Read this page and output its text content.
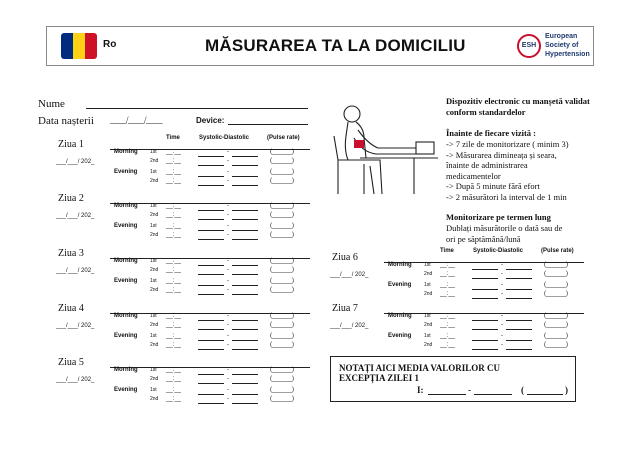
Ro	MĂSURAREA TA LA DOMICILIU	ESH
European
Society of
Hypertension
Nume
Data nașterii ____/____/____	Device:
Ziua 1
___/___/ 202_
Time	Systolic-Diastolic	(Pulse rate)
Morning 1st __:__	-	(______)
2nd __:__	-	(______)
Evening	1st __:__	-	(______)
2nd __:__	-	(______)
Ziua 2
___/___/ 202_
Morning 1st __:__	-	(______)
2nd __:__	-	(______)
Evening	1st __:__	-	(______)
2nd __:__	-	(______)
Ziua 3
___/___/ 202_
Morning 1st __:__	-	(______)
2nd __:__	-	(______)
Evening	1st __:__	-	(______)
2nd __:__	-	(______)
Ziua 4
___/___/ 202_
Morning 1st __:__	-	(______)
2nd __:__	-	(______)
Evening	1st __:__	-	(______)
2nd __:__	-	(______)
Ziua 5
___/___/ 202_
Morning 1st __:__	-	(______)
2nd __:__	-	(______)
Evening	1st __:__	-	(______)
2nd __:__	-	(______)
Dispozitiv electronic cu manșetă validat conform standardelor
Înainte de fiecare vizită :
-> 7 zile de monitorizare ( minim 3)
-> Măsurarea dimineața și seara,
înainte de administrarea
medicamentelor
-> După 5 minute fără efort
-> 2 măsurători la interval de 1 min
Monitorizare pe termen lung
Dublați măsurătorile o dată sau de
ori pe săptămână/lună
Ziua 6
___/___/ 202_
Time	Systolic-Diastolic	(Pulse rate)
Morning 1st __:__	-	(______)
2nd __:__	-	(______)
Evening	1st __:__	-	(______)
2nd __:__	-	(______)
Ziua 7
___/___/ 202_
Morning 1st __:__	-	(______)
2nd __:__	-	(______)
Evening	1st __:__	-	(______)
2nd __:__	-	(______)
NOTAȚI AICI MEDIA VALORILOR CU
EXCEPȚIA ZILEI 1
I:	-	(	)
